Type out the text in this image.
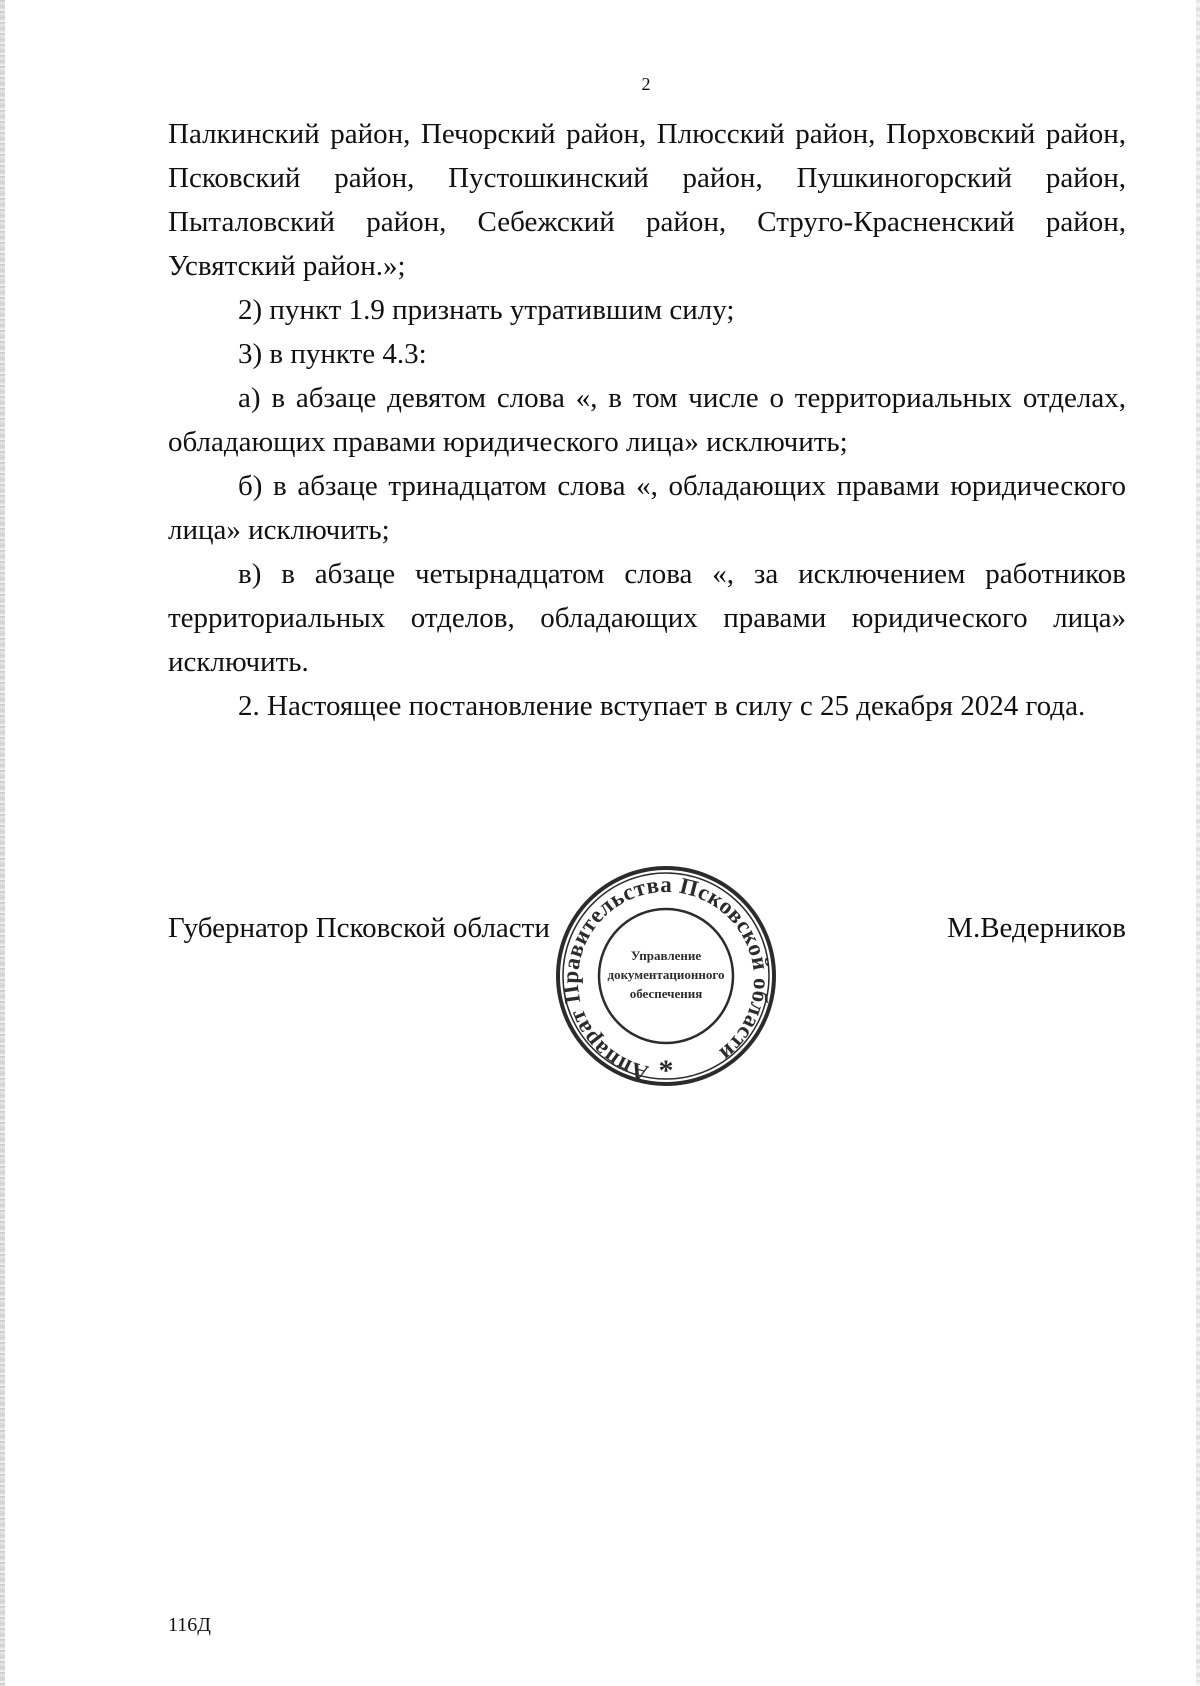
2

Палкинский район, Печорский район, Плюсский район, Порховский район, Псковский район, Пустошкинский район, Пушкиногорский район, Пыталовский район, Себежский район, Струго-Красненский район, Усвятский район.»;

2) пункт 1.9 признать утратившим силу;

3) в пункте 4.3:

а) в абзаце девятом слова «, в том числе о территориальных отделах, обладающих правами юридического лица» исключить;

б) в абзаце тринадцатом слова «, обладающих правами юридического лица» исключить;

в) в абзаце четырнадцатом слова «, за исключением работников территориальных отделов, обладающих правами юридического лица» исключить.

2. Настоящее постановление вступает в силу с 25 декабря 2024 года.

Губернатор Псковской области	М.Ведерников
Аппарат Правительства Псковской области
Управление
документационного
обеспечения
*
116Д
